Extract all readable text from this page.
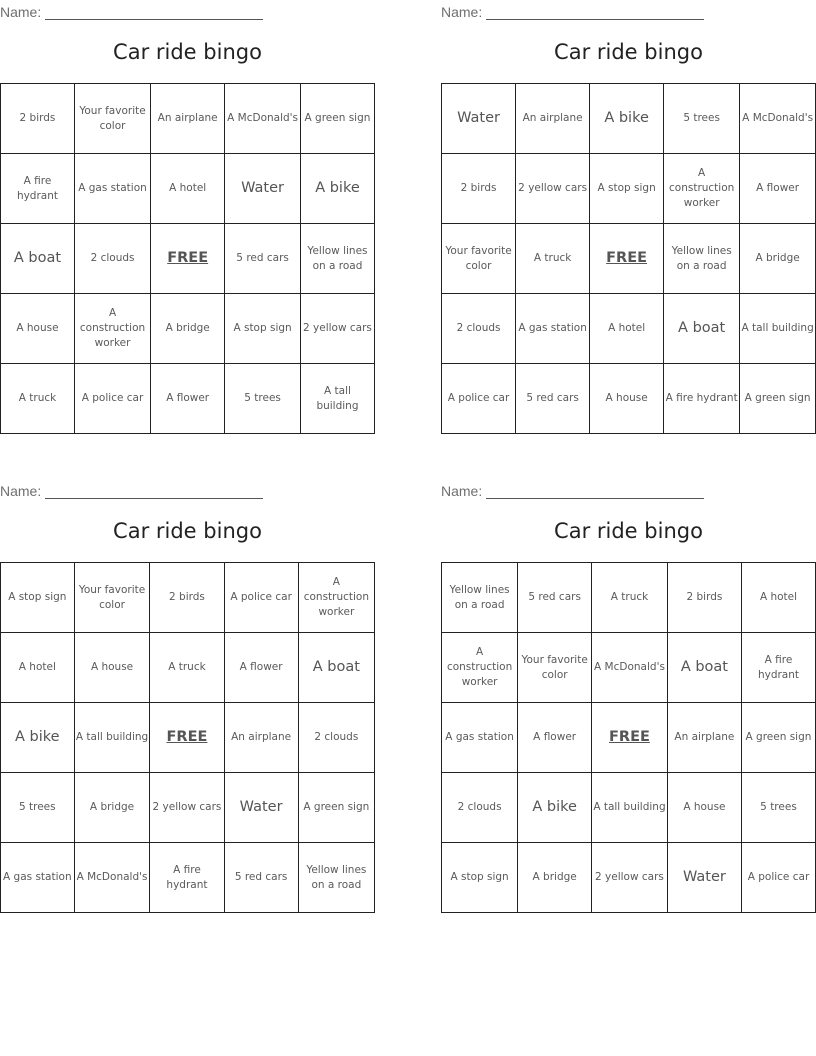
Name:
Car ride bingo
2 birds	Your favorite color	An airplane	A McDonald's	A green sign
A fire hydrant	A gas station	A hotel	Water	A bike
A boat	2 clouds	FREE	5 red cars	Yellow lines on a road
A house	A construction worker	A bridge	A stop sign	2 yellow cars
A truck	A police car	A flower	5 trees	A tall building
Name:
Car ride bingo
Water	An airplane	A bike	5 trees	A McDonald's
2 birds	2 yellow cars	A stop sign	A construction worker	A flower
Your favorite color	A truck	FREE	Yellow lines on a road	A bridge
2 clouds	A gas station	A hotel	A boat	A tall building
A police car	5 red cars	A house	A fire hydrant	A green sign
Name:
Car ride bingo
A stop sign	Your favorite color	2 birds	A police car	A construction worker
A hotel	A house	A truck	A flower	A boat
A bike	A tall building	FREE	An airplane	2 clouds
5 trees	A bridge	2 yellow cars	Water	A green sign
A gas station	A McDonald's	A fire hydrant	5 red cars	Yellow lines on a road
Name:
Car ride bingo
Yellow lines on a road	5 red cars	A truck	2 birds	A hotel
A construction worker	Your favorite color	A McDonald's	A boat	A fire hydrant
A gas station	A flower	FREE	An airplane	A green sign
2 clouds	A bike	A tall building	A house	5 trees
A stop sign	A bridge	2 yellow cars	Water	A police car
